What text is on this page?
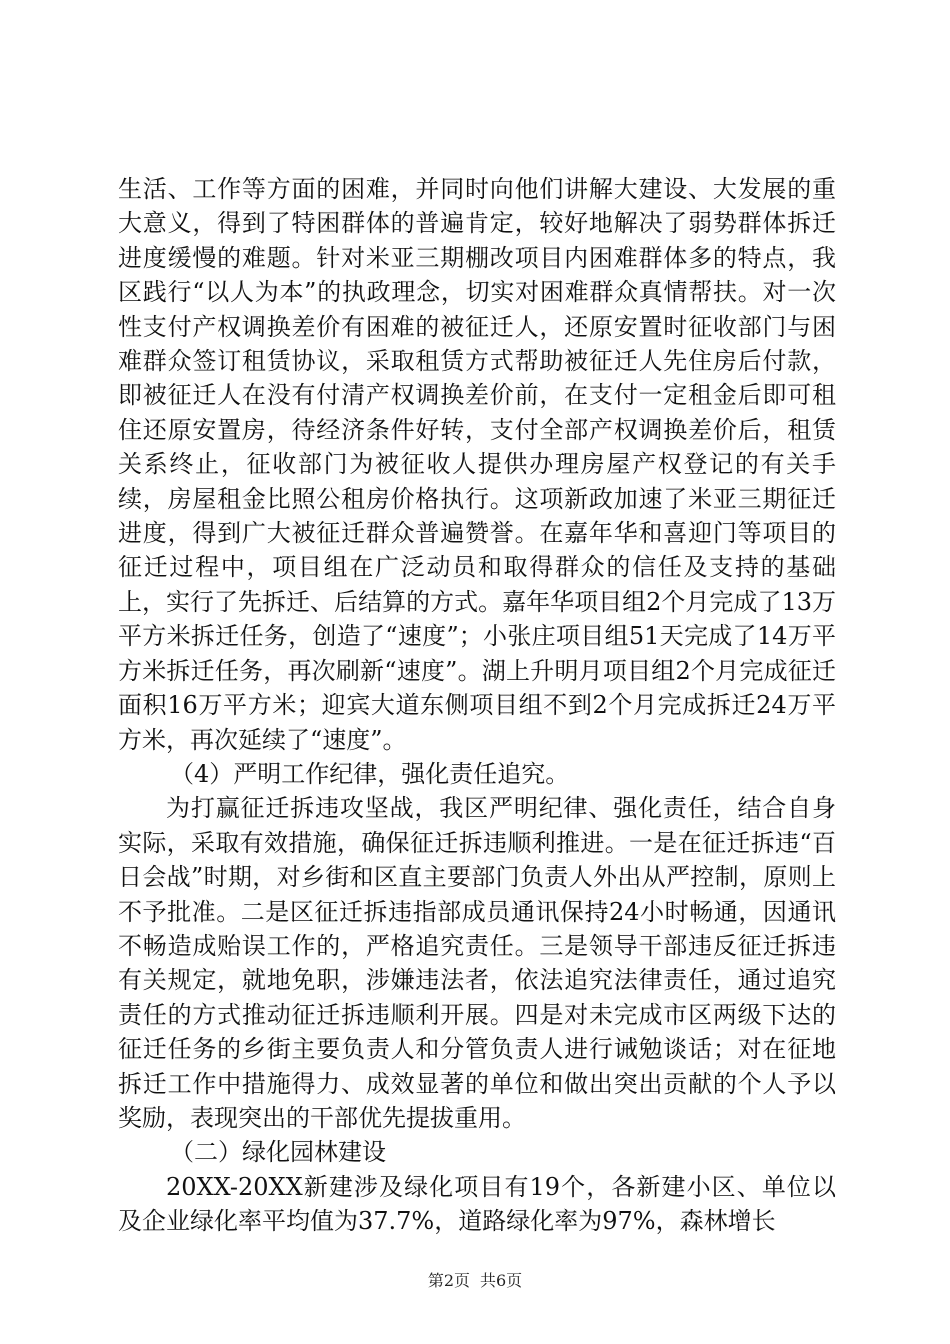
生活、工作等方面的困难，并同时向他们讲解大建设、大发展的重大意义，得到了特困群体的普遍肯定，较好地解决了弱势群体拆迁进度缓慢的难题。针对米亚三期棚改项目内困难群体多的特点，我区践行“以人为本”的执政理念，切实对困难群众真情帮扶。对一次性支付产权调换差价有困难的被征迁人，还原安置时征收部门与困难群众签订租赁协议，采取租赁方式帮助被征迁人先住房后付款，即被征迁人在没有付清产权调换差价前，在支付一定租金后即可租住还原安置房，待经济条件好转，支付全部产权调换差价后，租赁关系终止，征收部门为被征收人提供办理房屋产权登记的有关手续，房屋租金比照公租房价格执行。这项新政加速了米亚三期征迁进度，得到广大被征迁群众普遍赞誉。在嘉年华和喜迎门等项目的征迁过程中，项目组在广泛动员和取得群众的信任及支持的基础上，实行了先拆迁、后结算的方式。嘉年华项目组2个月完成了13万平方米拆迁任务，创造了“速度”；小张庄项目组51天完成了14万平方米拆迁任务，再次刷新“速度”。湖上升明月项目组2个月完成征迁面积16万平方米；迎宾大道东侧项目组不到2个月完成拆迁24万平方米，再次延续了“速度”。

（4）严明工作纪律，强化责任追究。

为打赢征迁拆违攻坚战，我区严明纪律、强化责任，结合自身实际，采取有效措施，确保征迁拆违顺利推进。一是在征迁拆违“百日会战”时期，对乡街和区直主要部门负责人外出从严控制，原则上不予批准。二是区征迁拆违指部成员通讯保持24小时畅通，因通讯不畅造成贻误工作的，严格追究责任。三是领导干部违反征迁拆违有关规定，就地免职，涉嫌违法者，依法追究法律责任，通过追究责任的方式推动征迁拆违顺利开展。四是对未完成市区两级下达的征迁任务的乡街主要负责人和分管负责人进行诫勉谈话；对在征地拆迁工作中措施得力、成效显著的单位和做出突出贡献的个人予以奖励，表现突出的干部优先提拔重用。

（二）绿化园林建设

20XX-20XX新建涉及绿化项目有19个，各新建小区、单位以及企业绿化率平均值为37.7%，道路绿化率为97%，森林增长

第2页 共6页
